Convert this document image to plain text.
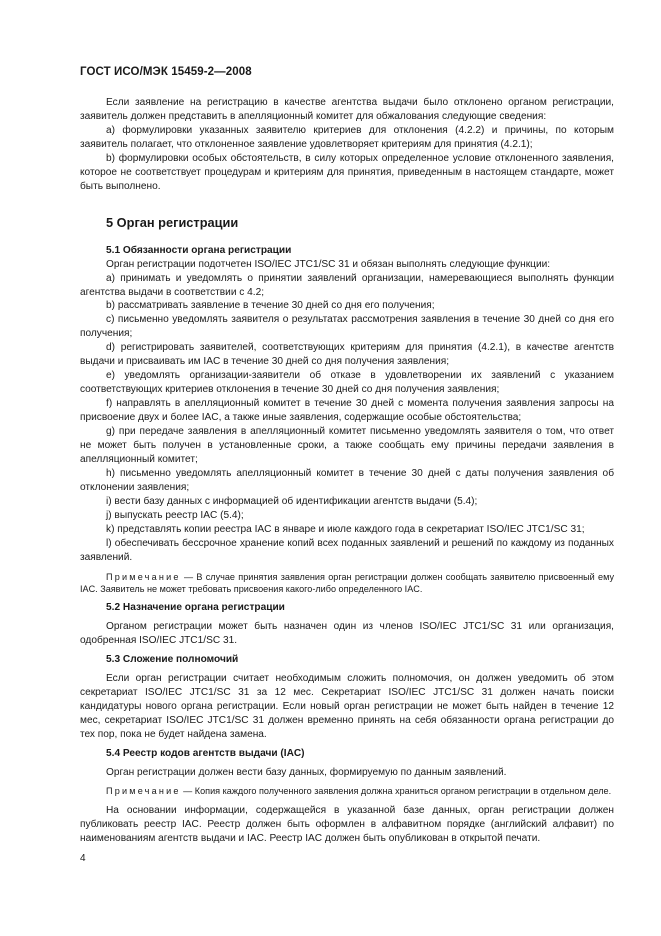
ГОСТ ИСО/МЭК 15459-2—2008

Если заявление на регистрацию в качестве агентства выдачи было отклонено органом регистрации, заявитель должен представить в апелляционный комитет для обжалования следующие сведения:

а) формулировки указанных заявителю критериев для отклонения (4.2.2) и причины, по которым заявитель полагает, что отклоненное заявление удовлетворяет критериям для принятия (4.2.1);

b) формулировки особых обстоятельств, в силу которых определенное условие отклоненного заявления, которое не соответствует процедурам и критериям для принятия, приведенным в настоящем стандарте, может быть выполнено.

5 Орган регистрации

5.1 Обязанности органа регистрации

Орган регистрации подотчетен ISO/IEC JTC1/SC 31 и обязан выполнять следующие функции:

а) принимать и уведомлять о принятии заявлений организации, намеревающиеся выполнять функции агентства выдачи в соответствии с 4.2;

b) рассматривать заявление в течение 30 дней со дня его получения;

c) письменно уведомлять заявителя о результатах рассмотрения заявления в течение 30 дней со дня его получения;

d) регистрировать заявителей, соответствующих критериям для принятия (4.2.1), в качестве агентств выдачи и присваивать им IAC в течение 30 дней со дня получения заявления;

e) уведомлять организации-заявители об отказе в удовлетворении их заявлений с указанием соответствующих критериев отклонения в течение 30 дней со дня получения заявления;

f) направлять в апелляционный комитет в течение 30 дней с момента получения заявления запросы на присвоение двух и более IAC, а также иные заявления, содержащие особые обстоятельства;

g) при передаче заявления в апелляционный комитет письменно уведомлять заявителя о том, что ответ не может быть получен в установленные сроки, а также сообщать ему причины передачи заявления в апелляционный комитет;

h) письменно уведомлять апелляционный комитет в течение 30 дней с даты получения заявления об отклонении заявления;

i) вести базу данных с информацией об идентификации агентств выдачи (5.4);

j) выпускать реестр IAC (5.4);

k) представлять копии реестра IAC в январе и июле каждого года в секретариат ISO/IEC JTC1/SC 31;

l) обеспечивать бессрочное хранение копий всех поданных заявлений и решений по каждому из поданных заявлений.

Примечание — В случае принятия заявления орган регистрации должен сообщать заявителю присвоенный ему IAC. Заявитель не может требовать присвоения какого-либо определенного IAC.

5.2 Назначение органа регистрации

Органом регистрации может быть назначен один из членов ISO/IEC JTC1/SC 31 или организация, одобренная ISO/IEC JTC1/SC 31.

5.3 Сложение полномочий

Если орган регистрации считает необходимым сложить полномочия, он должен уведомить об этом секретариат ISO/IEC JTC1/SC 31 за 12 мес. Секретариат ISO/IEC JTC1/SC 31 должен начать поиски кандидатуры нового органа регистрации. Если новый орган регистрации не может быть найден в течение 12 мес, секретариат ISO/IEC JTC1/SC 31 должен временно принять на себя обязанности органа регистрации до тех пор, пока не будет найдена замена.

5.4 Реестр кодов агентств выдачи (IAC)

Орган регистрации должен вести базу данных, формируемую по данным заявлений.

Примечание — Копия каждого полученного заявления должна храниться органом регистрации в отдельном деле.

На основании информации, содержащейся в указанной базе данных, орган регистрации должен публиковать реестр IAC. Реестр должен быть оформлен в алфавитном порядке (английский алфавит) по наименованиям агентств выдачи и IAC. Реестр IAC должен быть опубликован в открытой печати.

4
